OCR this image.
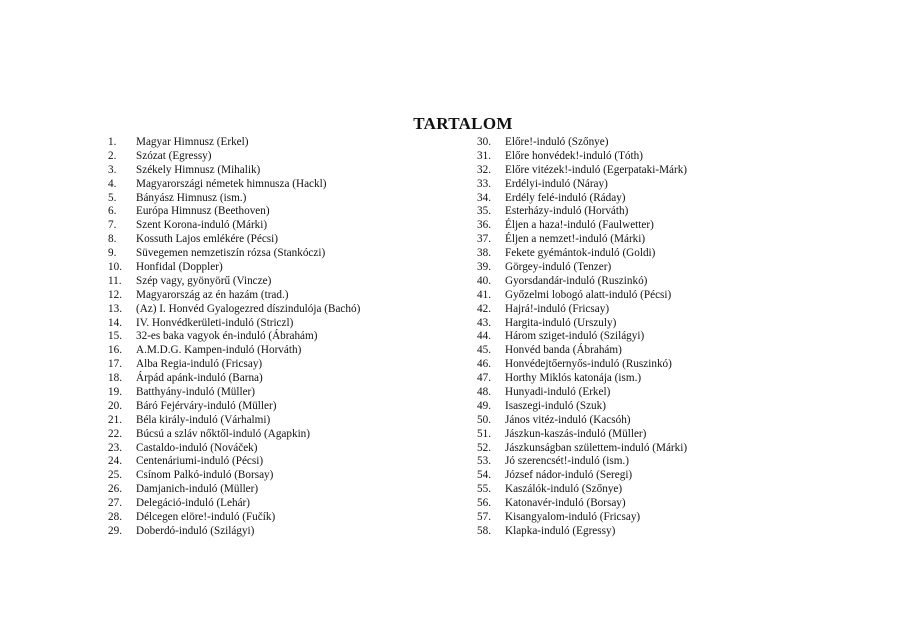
TARTALOM
1.	Magyar Himnusz (Erkel)
2.	Szózat (Egressy)
3.	Székely Himnusz (Mihalik)
4.	Magyarországi németek himnusza (Hackl)
5.	Bányász Himnusz (ism.)
6.	Európa Himnusz (Beethoven)
7.	Szent Korona-induló (Márki)
8.	Kossuth Lajos emlékére (Pécsi)
9.	Süvegemen nemzetiszín rózsa (Stankóczi)
10.	Honfidal (Doppler)
11.	Szép vagy, gyönyörű (Vincze)
12.	Magyarország az én hazám (trad.)
13.	(Az) I. Honvéd Gyalogezred díszindulója (Bachó)
14.	IV. Honvédkerületi-induló (Striczl)
15.	32-es baka vagyok én-induló (Ábrahám)
16.	A.M.D.G. Kampen-induló (Horváth)
17.	Alba Regia-induló (Fricsay)
18.	Árpád apánk-induló (Barna)
19.	Batthyány-induló (Müller)
20.	Báró Fejérváry-induló (Müller)
21.	Béla király-induló (Várhalmi)
22.	Búcsú a szláv nőktől-induló (Agapkin)
23.	Castaldo-induló (Nováček)
24.	Centenáriumi-induló (Pécsi)
25.	Csínom Palkó-induló (Borsay)
26.	Damjanich-induló (Müller)
27.	Delegáció-induló (Lehár)
28.	Délcegen elöre!-induló (Fučík)
29.	Doberdó-induló (Szilágyi)
30.	Előre!-induló (Szőnye)
31.	Előre honvédek!-induló (Tóth)
32.	Előre vitézek!-induló (Egerpataki-Márk)
33.	Erdélyi-induló (Náray)
34.	Erdély felé-induló (Ráday)
35.	Esterházy-induló (Horváth)
36.	Éljen a haza!-induló (Faulwetter)
37.	Éljen a nemzet!-induló (Márki)
38.	Fekete gyémántok-induló (Goldi)
39.	Görgey-induló (Tenzer)
40.	Gyorsdandár-induló (Ruszinkó)
41.	Győzelmi lobogó alatt-induló (Pécsi)
42.	Hajrá!-induló (Fricsay)
43.	Hargita-induló (Urszuly)
44.	Három sziget-induló (Szilágyi)
45.	Honvéd banda (Ábrahám)
46.	Honvédejtőernyős-induló (Ruszinkó)
47.	Horthy Miklós katonája (ism.)
48.	Hunyadi-induló (Erkel)
49.	Isaszegi-induló (Szuk)
50.	János vitéz-induló (Kacsóh)
51.	Jászkun-kaszás-induló (Müller)
52.	Jászkunságban születtem-induló (Márki)
53.	Jó szerencsét!-induló (ism.)
54.	József nádor-induló (Seregi)
55.	Kaszálók-induló (Szőnye)
56.	Katonavér-induló (Borsay)
57.	Kisangyalom-induló (Fricsay)
58.	Klapka-induló (Egressy)
